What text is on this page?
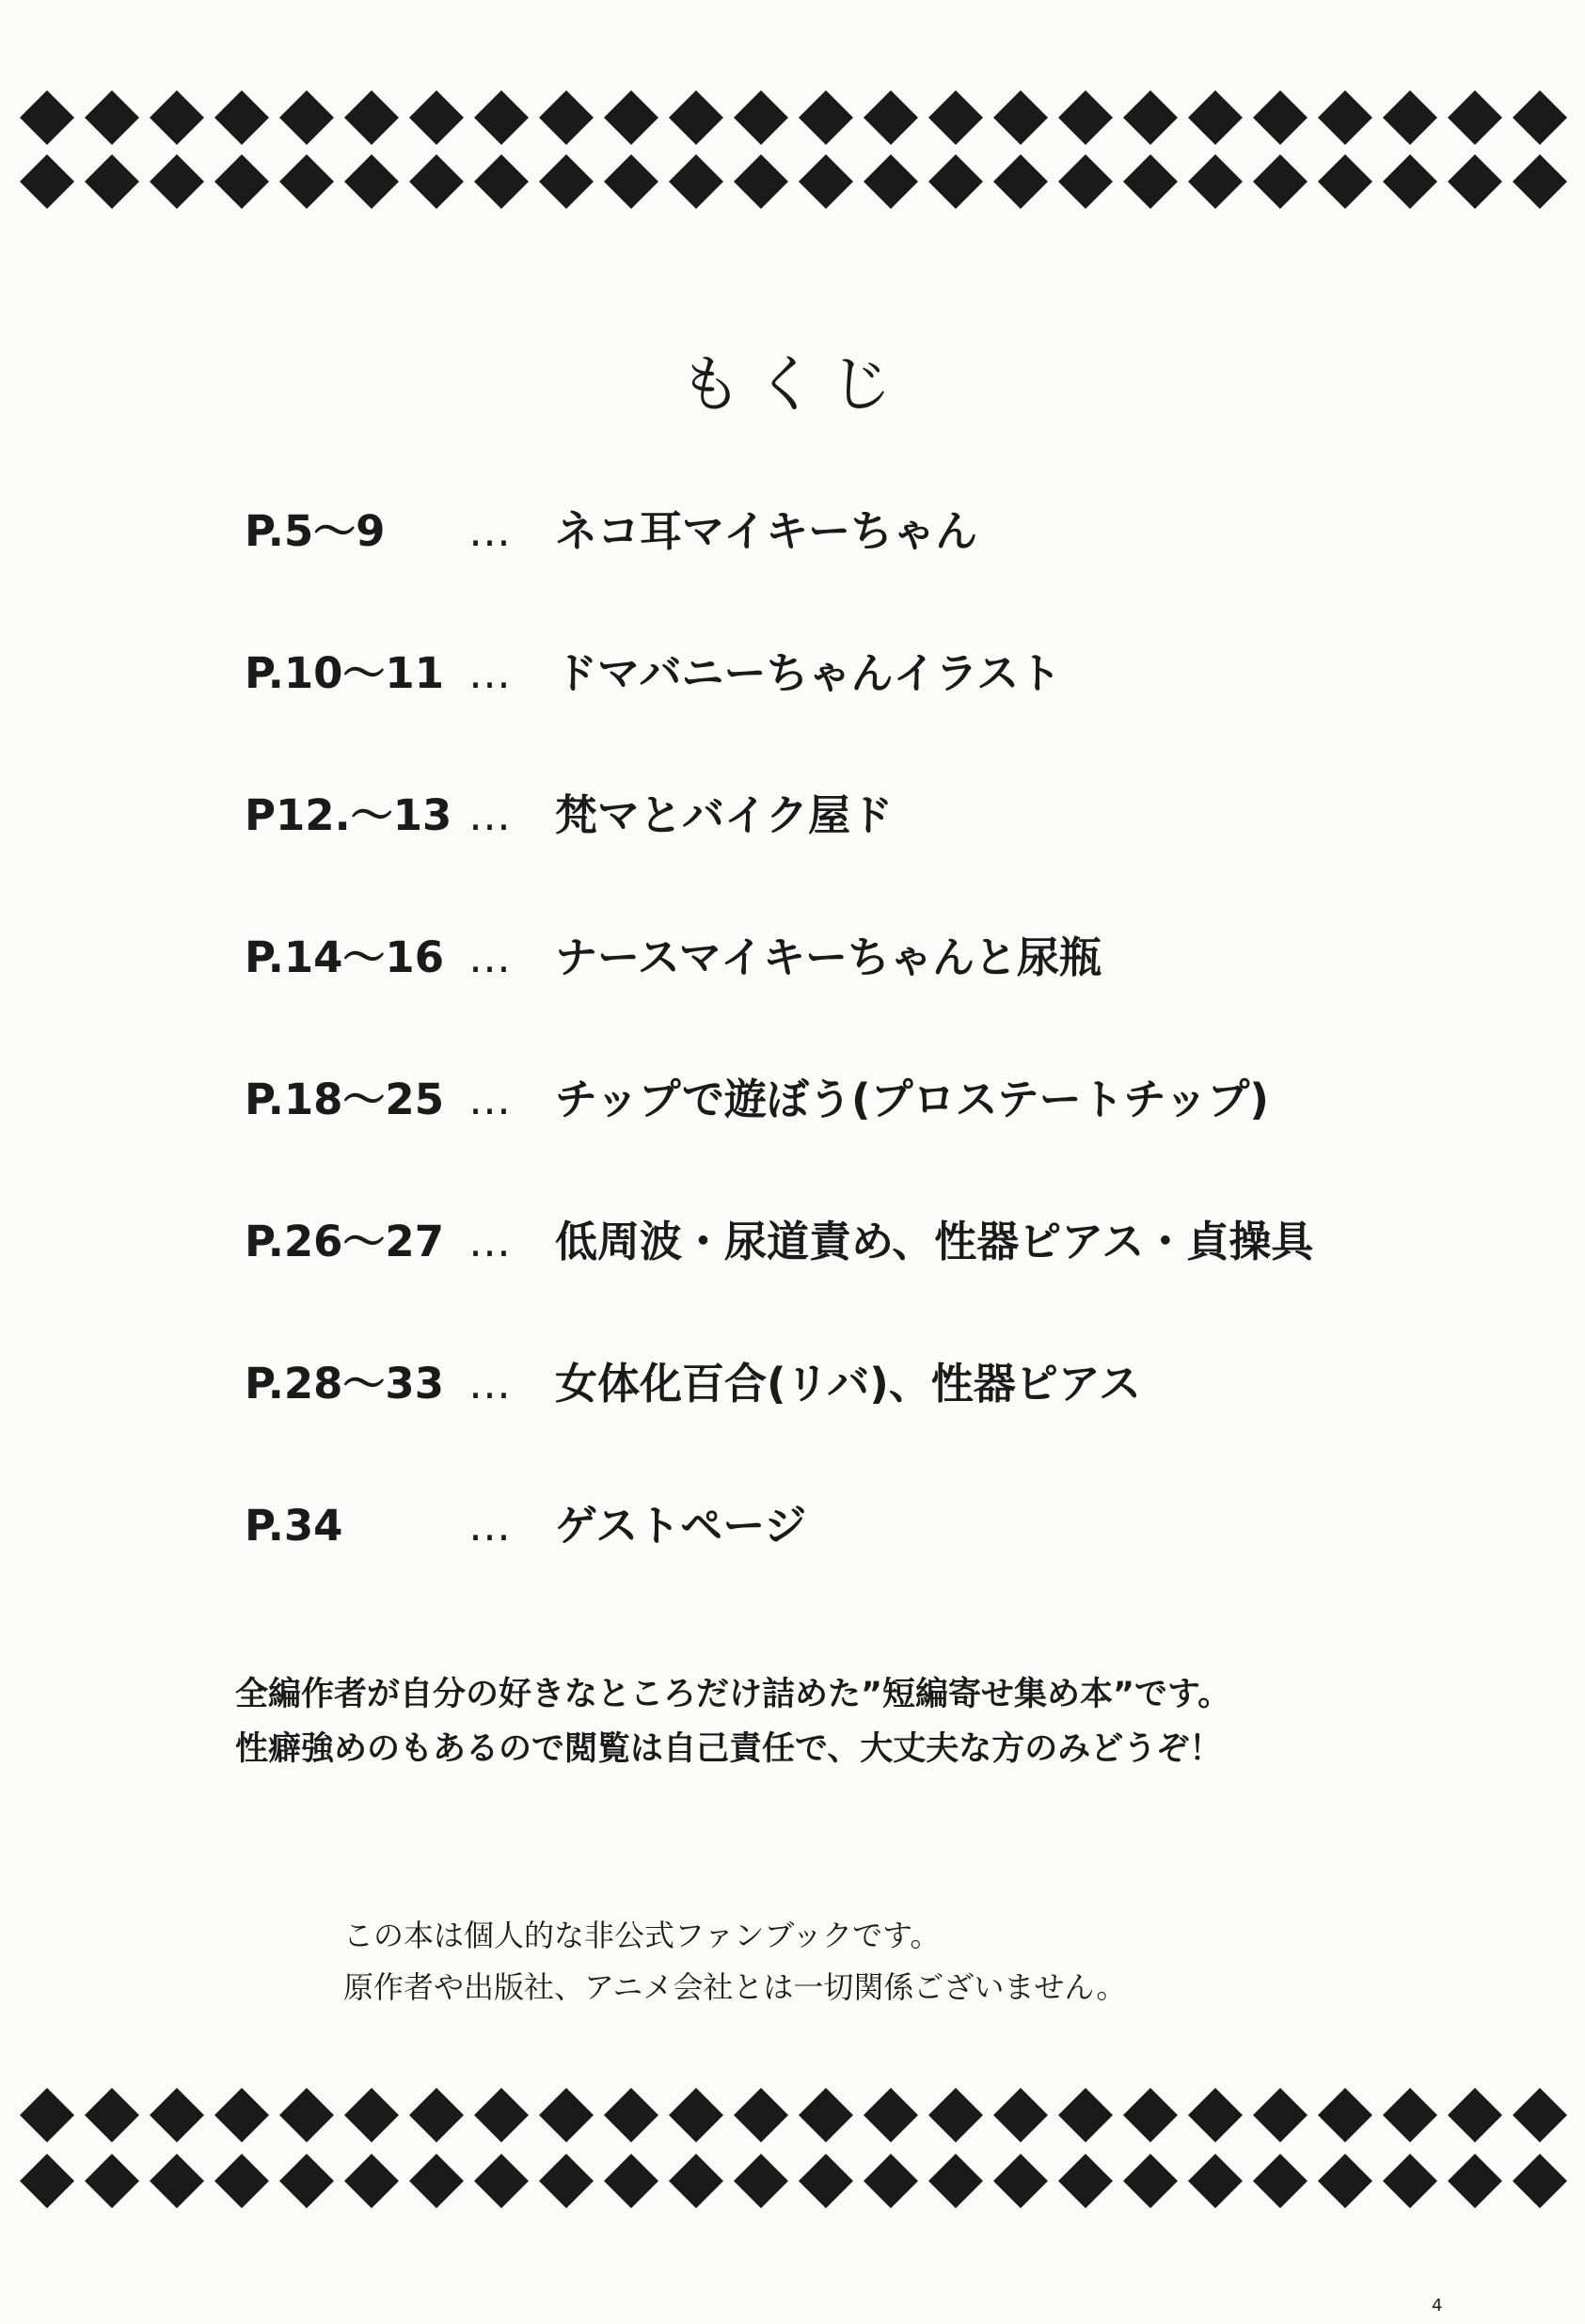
もくじ
P.5～9	… ネコ耳マイキーちゃん
P.10～11 … ドマバニーちゃんイラスト
P12.～13 … 梵マとバイク屋ド
P.14～16 … ナースマイキーちゃんと尿瓶
P.18～25 … チップで遊ぼう(プロステートチップ)
P.26～27 … 低周波・尿道責め、性器ピアス・貞操具
P.28～33 … 女体化百合(リバ)、性器ピアス
P.34	… ゲストページ
全編作者が自分の好きなところだけ詰めた”短編寄せ集め本”です。
性癖強めのもあるので閲覧は自己責任で、大丈夫な方のみどうぞ！
この本は個人的な非公式ファンブックです。
原作者や出版社、アニメ会社とは一切関係ございません。
4
